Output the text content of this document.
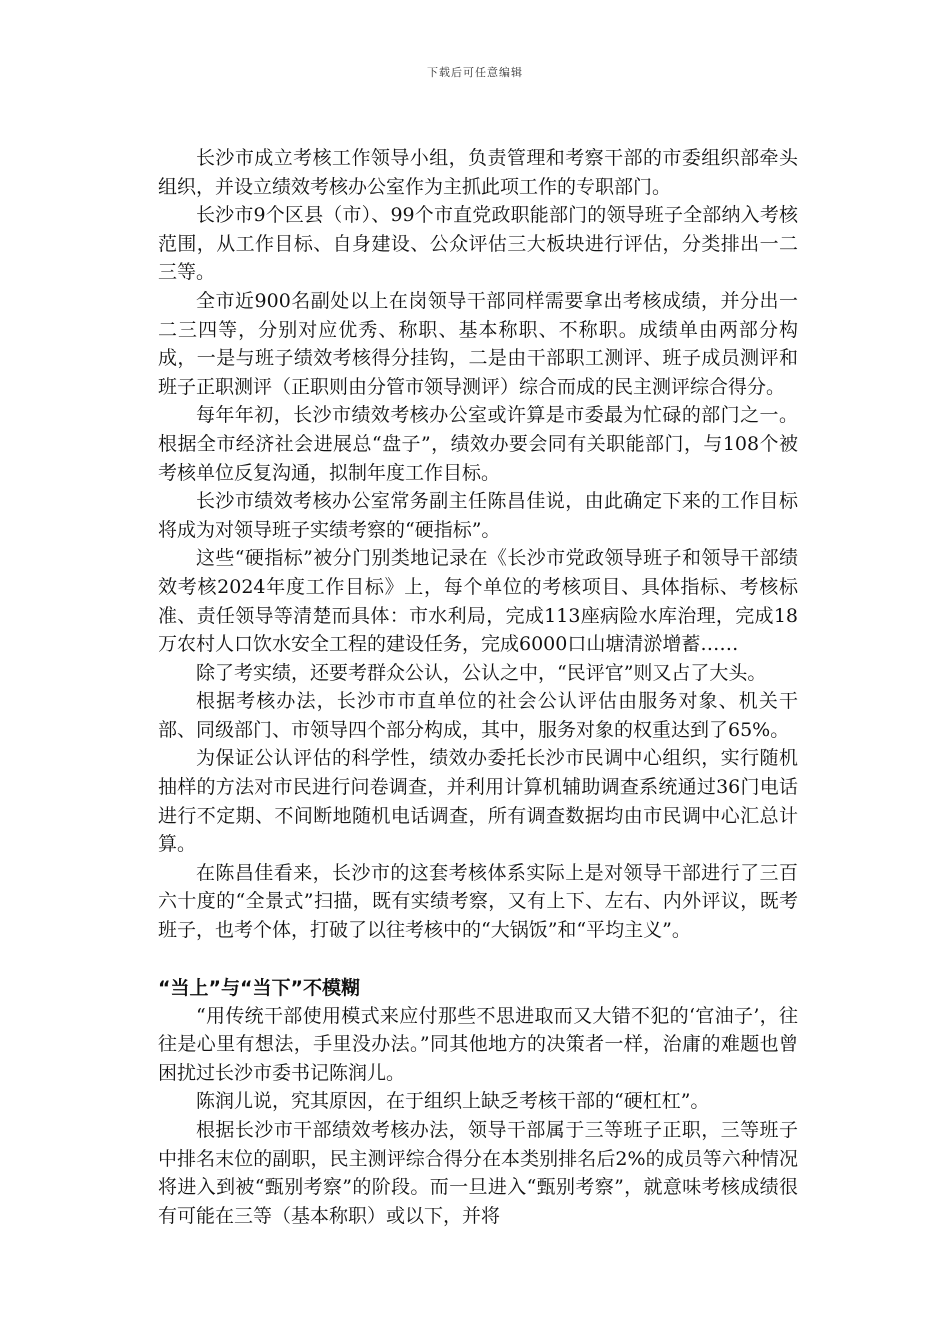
下载后可任意编辑

长沙市成立考核工作领导小组，负责管理和考察干部的市委组织部牵头组织，并设立绩效考核办公室作为主抓此项工作的专职部门。

长沙市9个区县（市）、99个市直党政职能部门的领导班子全部纳入考核范围，从工作目标、自身建设、公众评估三大板块进行评估，分类排出一二三等。

全市近900名副处以上在岗领导干部同样需要拿出考核成绩，并分出一二三四等，分别对应优秀、称职、基本称职、不称职。成绩单由两部分构成，一是与班子绩效考核得分挂钩，二是由干部职工测评、班子成员测评和班子正职测评（正职则由分管市领导测评）综合而成的民主测评综合得分。

每年年初，长沙市绩效考核办公室或许算是市委最为忙碌的部门之一。根据全市经济社会进展总“盘子”，绩效办要会同有关职能部门，与108个被考核单位反复沟通，拟制年度工作目标。

长沙市绩效考核办公室常务副主任陈昌佳说，由此确定下来的工作目标将成为对领导班子实绩考察的“硬指标”。

这些“硬指标”被分门别类地记录在《长沙市党政领导班子和领导干部绩效考核2024年度工作目标》上，每个单位的考核项目、具体指标、考核标准、责任领导等清楚而具体：市水利局，完成113座病险水库治理，完成18万农村人口饮水安全工程的建设任务，完成6000口山塘清淤增蓄……

除了考实绩，还要考群众公认，公认之中，“民评官”则又占了大头。

根据考核办法，长沙市市直单位的社会公认评估由服务对象、机关干部、同级部门、市领导四个部分构成，其中，服务对象的权重达到了65%。

为保证公认评估的科学性，绩效办委托长沙市民调中心组织，实行随机抽样的方法对市民进行问卷调查，并利用计算机辅助调查系统通过36门电话进行不定期、不间断地随机电话调查，所有调查数据均由市民调中心汇总计算。

在陈昌佳看来，长沙市的这套考核体系实际上是对领导干部进行了三百六十度的“全景式”扫描，既有实绩考察，又有上下、左右、内外评议，既考班子，也考个体，打破了以往考核中的“大锅饭”和“平均主义”。

“当上”与“当下”不模糊

“用传统干部使用模式来应付那些不思进取而又大错不犯的‘官油子’，往往是心里有想法，手里没办法。”同其他地方的决策者一样，治庸的难题也曾困扰过长沙市委书记陈润儿。

陈润儿说，究其原因，在于组织上缺乏考核干部的“硬杠杠”。

根据长沙市干部绩效考核办法，领导干部属于三等班子正职，三等班子中排名末位的副职，民主测评综合得分在本类别排名后2%的成员等六种情况将进入到被“甄别考察”的阶段。而一旦进入“甄别考察”，就意味考核成绩很有可能在三等（基本称职）或以下，并将
